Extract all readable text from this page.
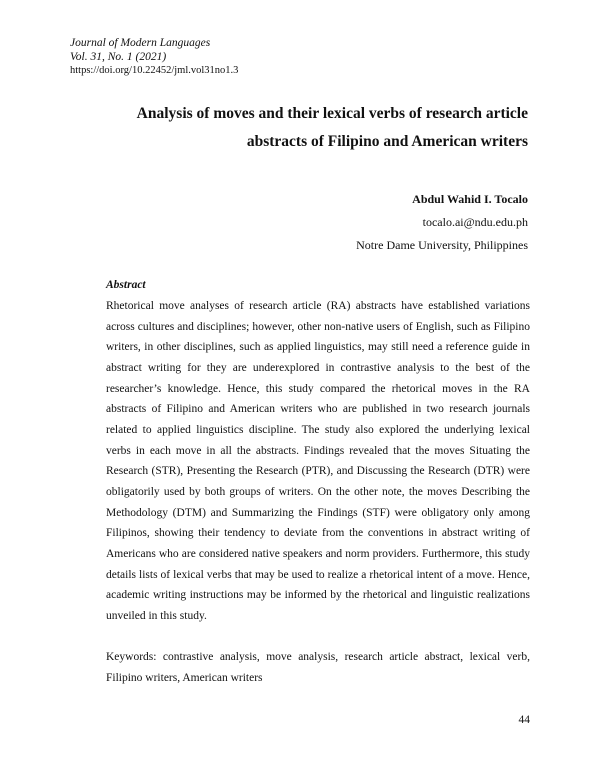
Journal of Modern Languages
Vol. 31, No. 1 (2021)
https://doi.org/10.22452/jml.vol31no1.3
Analysis of moves and their lexical verbs of research article
abstracts of Filipino and American writers
Abdul Wahid I. Tocalo
tocalo.ai@ndu.edu.ph
Notre Dame University, Philippines
Abstract
Rhetorical move analyses of research article (RA) abstracts have established variations
across cultures and disciplines; however, other non-native users of English, such as Filipino
writers, in other disciplines, such as applied linguistics, may still need a reference guide in
abstract writing for they are underexplored in contrastive analysis to the best of the
researcher’s knowledge. Hence, this study compared the rhetorical moves in the RA
abstracts of Filipino and American writers who are published in two research journals
related to applied linguistics discipline. The study also explored the underlying lexical
verbs in each move in all the abstracts. Findings revealed that the moves Situating the
Research (STR), Presenting the Research (PTR), and Discussing the Research (DTR) were
obligatorily used by both groups of writers. On the other note, the moves Describing the
Methodology (DTM) and Summarizing the Findings (STF) were obligatory only among
Filipinos, showing their tendency to deviate from the conventions in abstract writing of
Americans who are considered native speakers and norm providers. Furthermore, this study
details lists of lexical verbs that may be used to realize a rhetorical intent of a move. Hence,
academic writing instructions may be informed by the rhetorical and linguistic realizations
unveiled in this study.
Keywords: contrastive analysis, move analysis, research article abstract, lexical verb,
Filipino writers, American writers
44
